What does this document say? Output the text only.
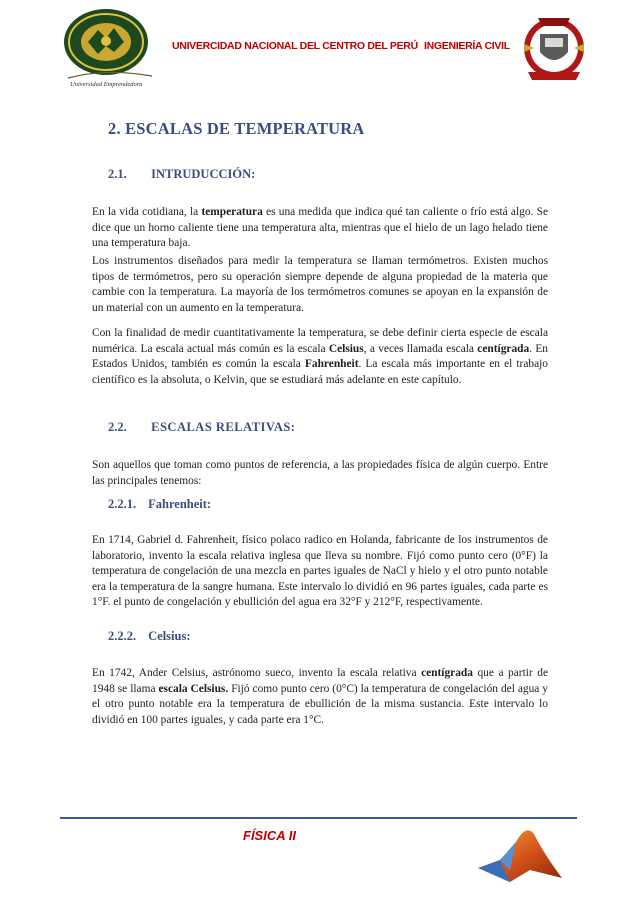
Universidad Emprendedora
UNIVERCIDAD NACIONAL DEL CENTRO DEL PERÚ INGENIERÍA CIVIL
2. ESCALAS DE TEMPERATURA
2.1. INTRUDUCCIÓN:

En la vida cotidiana, la temperatura es una medida que indica qué tan caliente o frío está algo. Se dice que un horno caliente tiene una temperatura alta, mientras que el hielo de un lago helado tiene una temperatura baja.

Los instrumentos diseñados para medir la temperatura se llaman termómetros. Existen muchos tipos de termómetros, pero su operación siempre depende de alguna propiedad de la materia que cambie con la temperatura. La mayoría de los termómetros comunes se apoyan en la expansión de un material con un aumento en la temperatura.

Con la finalidad de medir cuantitativamente la temperatura, se debe definir cierta especie de escala numérica. La escala actual más común es la escala Celsius, a veces llamada escala centígrada. En Estados Unidos, también es común la escala Fahrenheit. La escala más importante en el trabajo científico es la absoluta, o Kelvin, que se estudiará más adelante en este capítulo.

2.2. ESCALAS RELATIVAS:

Son aquellos que toman como puntos de referencia, a las propiedades física de algún cuerpo. Entre las principales tenemos:

2.2.1. Fahrenheit:

En 1714, Gabriel d. Fahrenheit, físico polaco radico en Holanda, fabricante de los instrumentos de laboratorio, invento la escala relativa inglesa que lleva su nombre. Fijó como punto cero (0°F) la temperatura de congelación de una mezcla en partes iguales de NaCl y hielo y el otro punto notable era la temperatura de la sangre humana. Este intervalo lo dividió en 96 partes iguales, cada parte es 1°F. el punto de congelación y ebullición del agua era 32°F y 212°F, respectivamente.

2.2.2. Celsius:

En 1742, Ander Celsius, astrónomo sueco, invento la escala relativa centígrada que a partir de 1948 se llama escala Celsius. Fijó como punto cero (0°C) la temperatura de congelación del agua y el otro punto notable era la temperatura de ebullición de la misma sustancia. Este intervalo lo dividió en 100 partes iguales, y cada parte era 1°C.

FÍSICA II
